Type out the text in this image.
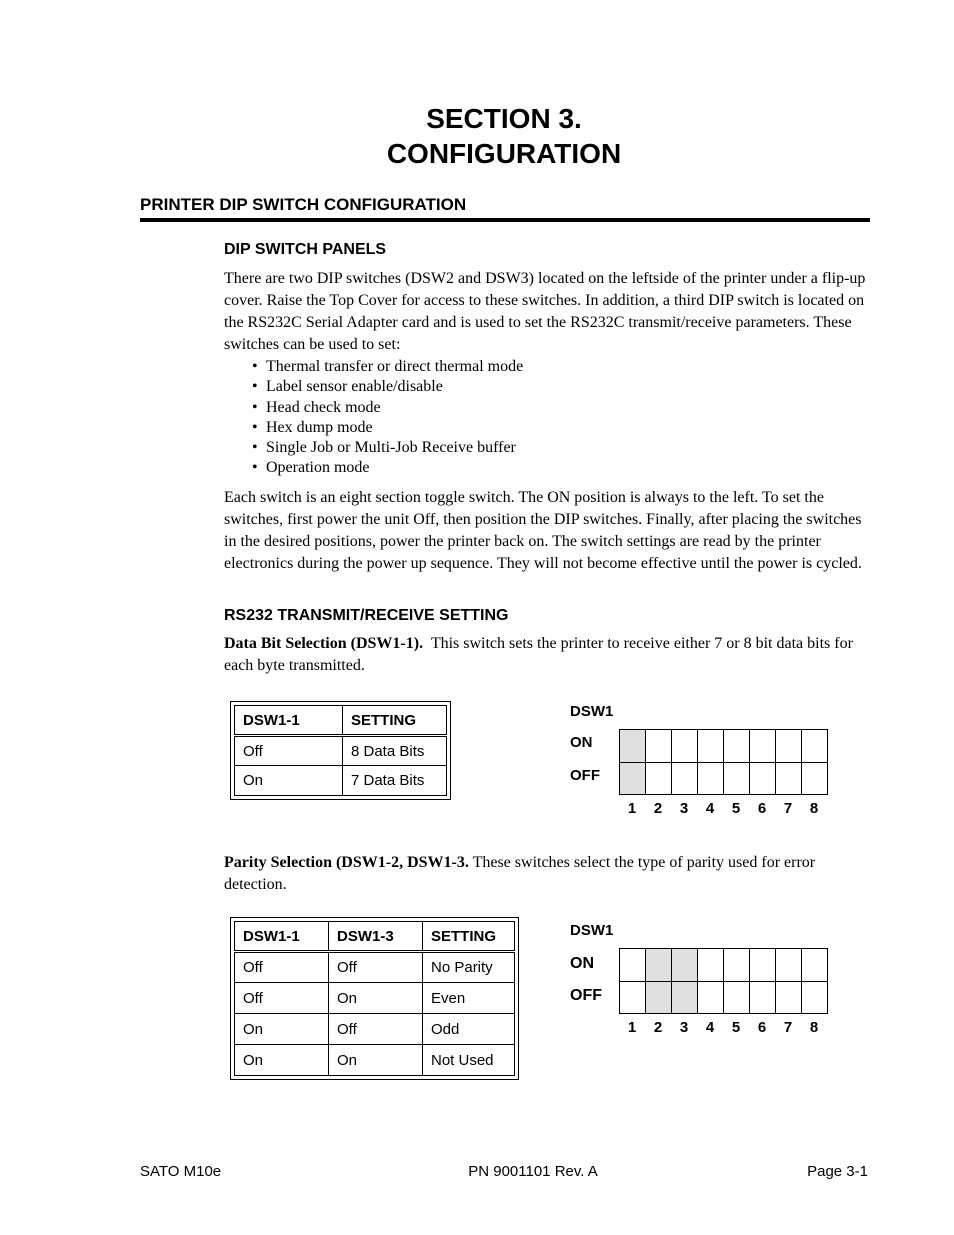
SECTION 3.
CONFIGURATION
PRINTER DIP SWITCH CONFIGURATION
DIP SWITCH PANELS
There are two DIP switches (DSW2 and DSW3) located on the leftside of the printer under a flip-up cover. Raise the Top Cover for access to these switches. In addition, a third DIP switch is located on the RS232C Serial Adapter card and is used to set the RS232C transmit/receive parameters. These switches can be used to set:
• Thermal transfer or direct thermal mode
• Label sensor enable/disable
• Head check mode
• Hex dump mode
• Single Job or Multi-Job Receive buffer
• Operation mode
Each switch is an eight section toggle switch. The ON position is always to the left. To set the switches, first power the unit Off, then position the DIP switches. Finally, after placing the switches in the desired positions, power the printer back on. The switch settings are read by the printer electronics during the power up sequence. They will not become effective until the power is cycled.
RS232 TRANSMIT/RECEIVE SETTING
Data Bit Selection (DSW1-1). This switch sets the printer to receive either 7 or 8 bit data bits for each byte transmitted.
DSW1-1	SETTING
Off	8 Data Bits
On	7 Data Bits
DSW1
ON
OFF
1	2	3	4	5	6	7	8
Parity Selection (DSW1-2, DSW1-3. These switches select the type of parity used for error detection.
DSW1-1	DSW1-3	SETTING
Off	Off	No Parity
Off	On	Even
On	Off	Odd
On	On	Not Used
DSW1
ON
OFF
1	2	3	4	5	6	7	8
SATO M10e	PN 9001101 Rev. A	Page 3-1
